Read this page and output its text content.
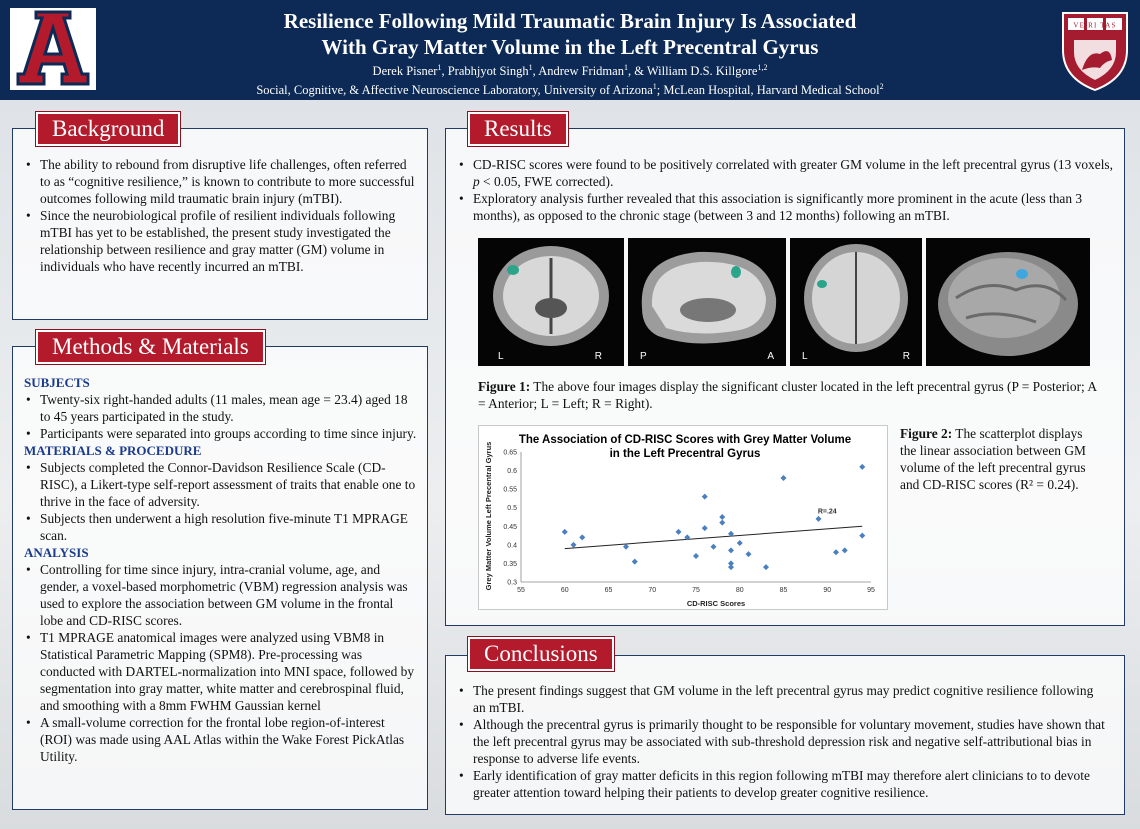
Resilience Following Mild Traumatic Brain Injury Is Associated
With Gray Matter Volume in the Left Precentral Gyrus
Derek Pisner$^1$, Prabhjyot Singh$^1$, Andrew Fridman$^1$, & William D.S. Killgore$^{1,2}$
Social, Cognitive, & Affective Neuroscience Laboratory, University of Arizona$^1$; McLean Hospital, Harvard Medical School$^2$
VE RI TAS
Background
• The ability to rebound from disruptive life challenges, often referred to as “cognitive resilience,” is known to contribute to more successful outcomes following mild traumatic brain injury (mTBI).
• Since the neurobiological profile of resilient individuals following mTBI has yet to be established, the present study investigated the relationship between resilience and gray matter (GM) volume in individuals who have recently incurred an mTBI.
Methods & Materials
SUBJECTS
• Twenty-six right-handed adults (11 males, mean age = 23.4) aged 18 to 45 years participated in the study.
• Participants were separated into groups according to time since injury.
MATERIALS & PROCEDURE
• Subjects completed the Connor-Davidson Resilience Scale (CD-RISC), a Likert-type self-report assessment of traits that enable one to thrive in the face of adversity.
• Subjects then underwent a high resolution five-minute T1 MPRAGE scan.
ANALYSIS
• Controlling for time since injury, intra-cranial volume, age, and gender, a voxel-based morphometric (VBM) regression analysis was used to explore the association between GM volume in the frontal lobe and CD-RISC scores.
• T1 MPRAGE anatomical images were analyzed using VBM8 in Statistical Parametric Mapping (SPM8). Pre-processing was conducted with DARTEL-normalization into MNI space, followed by segmentation into gray matter, white matter and cerebrospinal fluid, and smoothing with a 8mm FWHM Gaussian kernel
• A small-volume correction for the frontal lobe region-of-interest (ROI) was made using AAL Atlas within the Wake Forest PickAtlas Utility.
Results
• CD-RISC scores were found to be positively correlated with greater GM volume in the left precentral gyrus (13 voxels, p < 0.05, FWE corrected).
• Exploratory analysis further revealed that this association is significantly more prominent in the acute (less than 3 months), as opposed to the chronic stage (between 3 and 12 months) following an mTBI.
L	R	P	A	L	R
Figure 1: The above four images display the significant cluster located in the left precentral gyrus (P = Posterior; A = Anterior; L = Left; R = Right).
The Association of CD-RISC Scores with Grey Matter Volume
in the Left Precentral Gyrus
Grey Matter Volume Left Precentral Gyrus
CD-RISC Scores
0.3
0.35
0.4
0.45
0.5
0.55
0.6
0.65
55	60	65	70	75	80	85	90	95
R=.24
Figure 2: The scatterplot displays the linear association between GM volume of the left precentral gyrus and CD-RISC scores (R² = 0.24).
Conclusions
• The present findings suggest that GM volume in the left precentral gyrus may predict cognitive resilience following an mTBI.
• Although the precentral gyrus is primarily thought to be responsible for voluntary movement, studies have shown that the left precentral gyrus may be associated with sub-threshold depression risk and negative self-attributional bias in response to adverse life events.
• Early identification of gray matter deficits in this region following mTBI may therefore alert clinicians to to devote greater attention toward helping their patients to develop greater cognitive resilience.
